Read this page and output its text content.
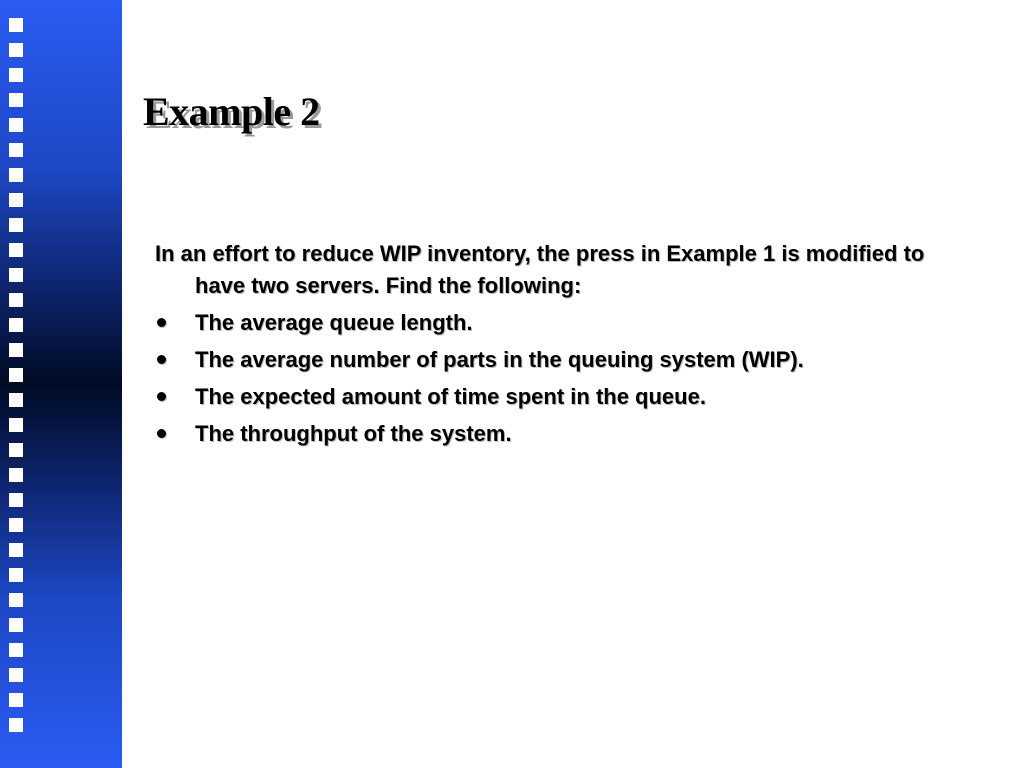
Example 2

In an effort to reduce WIP inventory, the press in Example 1 is modified to have two servers. Find the following:

The average queue length.
The average number of parts in the queuing system (WIP).
The expected amount of time spent in the queue.
The throughput of the system.
